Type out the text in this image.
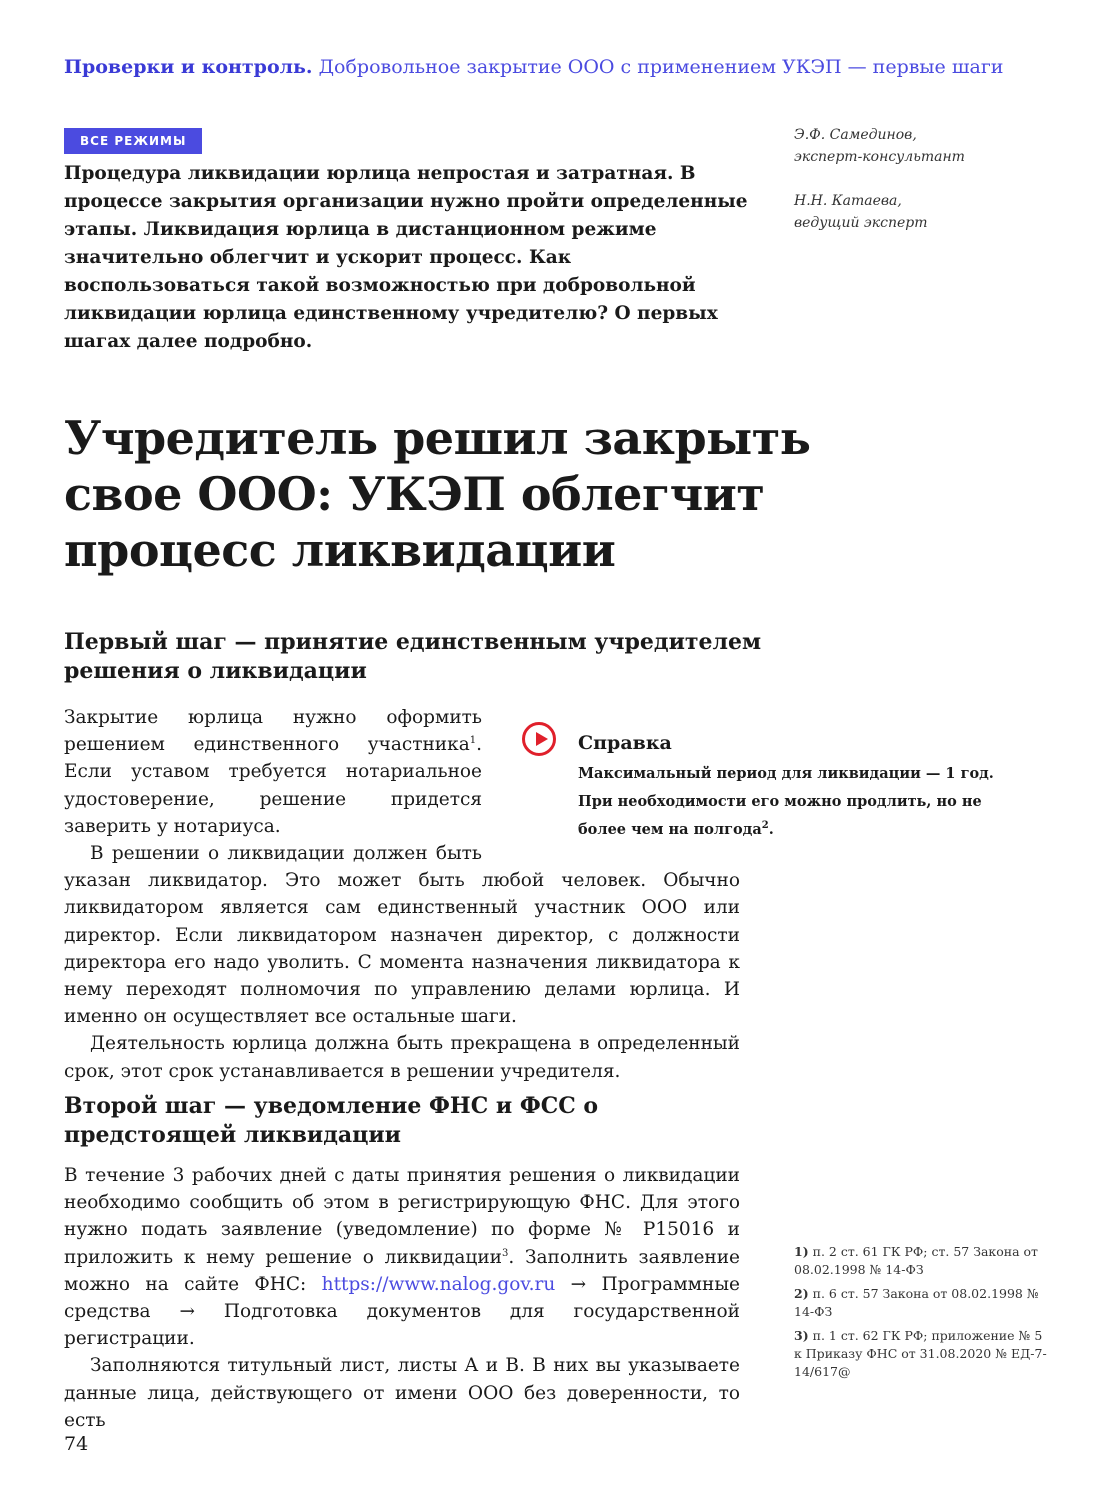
Проверки и контроль. Добровольное закрытие ООО с применением УКЭП — первые шаги
ВСЕ РЕЖИМЫ
Процедура ликвидации юрлица непростая и затратная. В процессе закрытия организации нужно пройти определенные этапы. Ликвидация юрлица в дистанционном режиме значительно облегчит и ускорит процесс. Как воспользоваться такой возможностью при добровольной ликвидации юрлица единственному учредителю? О первых шагах далее подробно.
Э.Ф. Самединов,
эксперт-консультант
Н.Н. Катаева,
ведущий эксперт
Учредитель решил закрыть свое ООО: УКЭП облегчит процесс ликвидации
Первый шаг — принятие единственным учредителем решения о ликвидации

Закрытие юрлица нужно оформить решением единственного участника$^1$. Если уставом требуется нотариальное удостоверение, решение придется заверить у нотариуса.

В решении о ликвидации должен быть указан ликвидатор. Это может быть любой человек. Обычно ликвидатором является сам единственный участник ООО или директор. Если ликвидатором назначен директор, с должности директора его надо уволить. С момента назначения ликвидатора к нему переходят полномочия по управлению делами юрлица. И именно он осуществляет все остальные шаги.

Деятельность юрлица должна быть прекращена в определенный срок, этот срок устанавливается в решении учредителя.

Справка
Максимальный период для ликвидации — 1 год. При необходимости его можно продлить, но не более чем на полгода$^2$.
Второй шаг — уведомление ФНС и ФСС о предстоящей ликвидации

В течение 3 рабочих дней с даты принятия решения о ликвидации необходимо сообщить об этом в регистрирующую ФНС. Для этого нужно подать заявление (уведомление) по форме № Р15016 и приложить к нему решение о ликвидации$^3$. Заполнить заявление можно на сайте ФНС: https://www.nalog.gov.ru → Программные средства → Подготовка документов для государственной регистрации.

Заполняются титульный лист, листы А и В. В них вы указываете данные лица, действующего от имени ООО без доверенности, то есть

1) п. 2 ст. 61 ГК РФ; ст. 57 Закона от 08.02.1998 № 14-ФЗ
2) п. 6 ст. 57 Закона от 08.02.1998 № 14-ФЗ
3) п. 1 ст. 62 ГК РФ; приложение № 5 к Приказу ФНС от 31.08.2020 № ЕД-7-14/617@
74
